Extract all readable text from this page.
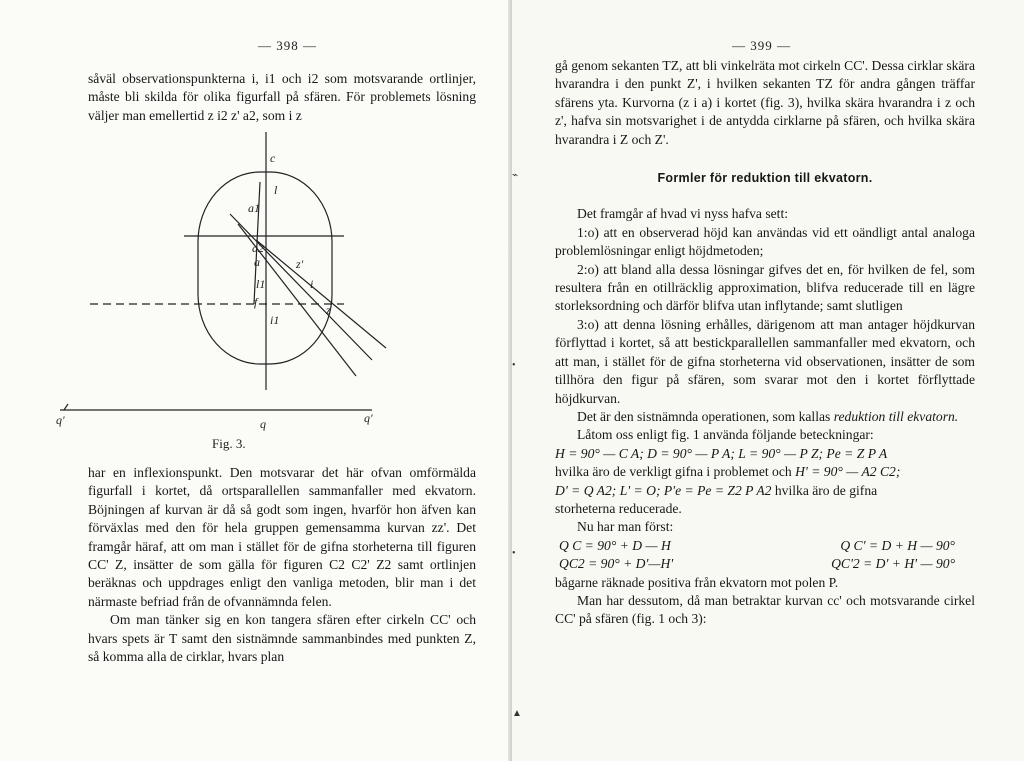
— 398 —

såväl observationspunkterna i, i1 och i2 som motsvarande ortlinjer, måste bli skilda för olika figurfall på sfären. För problemets lösning väljer man emellertid z i2 z' a2, som i z

c
l
a1
a2
a	z'
i
l1
f
i1
z
q'	q	q'
Fig. 3.

har en inflexionspunkt. Den motsvarar det här ofvan omförmälda figurfall i kortet, då ortsparallellen sammanfaller med ekvatorn. Böjningen af kurvan är då så godt som ingen, hvarför hon äfven kan förväxlas med den för hela gruppen gemensamma kurvan zz'. Det framgår häraf, att om man i stället för de gifna storheterna till figuren CC' Z, insätter de som gälla för figuren C2 C2' Z2 samt ortlinjen beräknas och uppdrages enligt den vanliga metoden, blir man i det närmaste befriad från de ofvannämnda felen.

Om man tänker sig en kon tangera sfären efter cirkeln CC' och hvars spets är T samt den sistnämnde sammanbindes med punkten Z, så komma alla de cirklar, hvars plan

— 399 —
⌁
•
•
▲

gå genom sekanten TZ, att bli vinkelräta mot cirkeln CC'. Dessa cirklar skära hvarandra i den punkt Z', i hvilken sekanten TZ för andra gången träffar sfärens yta. Kurvorna (z i a) i kortet (fig. 3), hvilka skära hvarandra i z och z', hafva sin motsvarighet i de antydda cirklarne på sfären, och hvilka skära hvarandra i Z och Z'.

Formler för reduktion till ekvatorn.

Det framgår af hvad vi nyss hafva sett:

1:o) att en observerad höjd kan användas vid ett oändligt antal analoga problemlösningar enligt höjdmetoden;

2:o) att bland alla dessa lösningar gifves det en, för hvilken de fel, som resultera från en otillräcklig approximation, blifva reducerade till en lägre storleksordning och därför blifva utan inflytande; samt slutligen

3:o) att denna lösning erhålles, därigenom att man antager höjdkurvan förflyttad i kortet, så att bestickparallellen sammanfaller med ekvatorn, och att man, i stället för de gifna storheterna vid observationen, insätter de som tillhöra den figur på sfären, som svarar mot den i kortet förflyttade höjdkurvan.

Det är den sistnämnda operationen, som kallas reduktion till ekvatorn.

Låtom oss enligt fig. 1 använda följande beteckningar:

H = 90° — C A; D = 90° — P A; L = 90° — P Z; Pe = Z P A

hvilka äro de verkligt gifna i problemet och H' = 90° — A2 C2;

D' = Q A2; L' = O; P'e = Pe = Z2 P A2 hvilka äro de gifna

storheterna reducerade.

Nu har man först:

Q C = 90° + D — H	Q C' = D + H — 90°
QC2 = 90° + D'—H'	QC'2 = D' + H' — 90°

bågarne räknade positiva från ekvatorn mot polen P.

Man har dessutom, då man betraktar kurvan cc' och motsvarande cirkel CC' på sfären (fig. 1 och 3):
